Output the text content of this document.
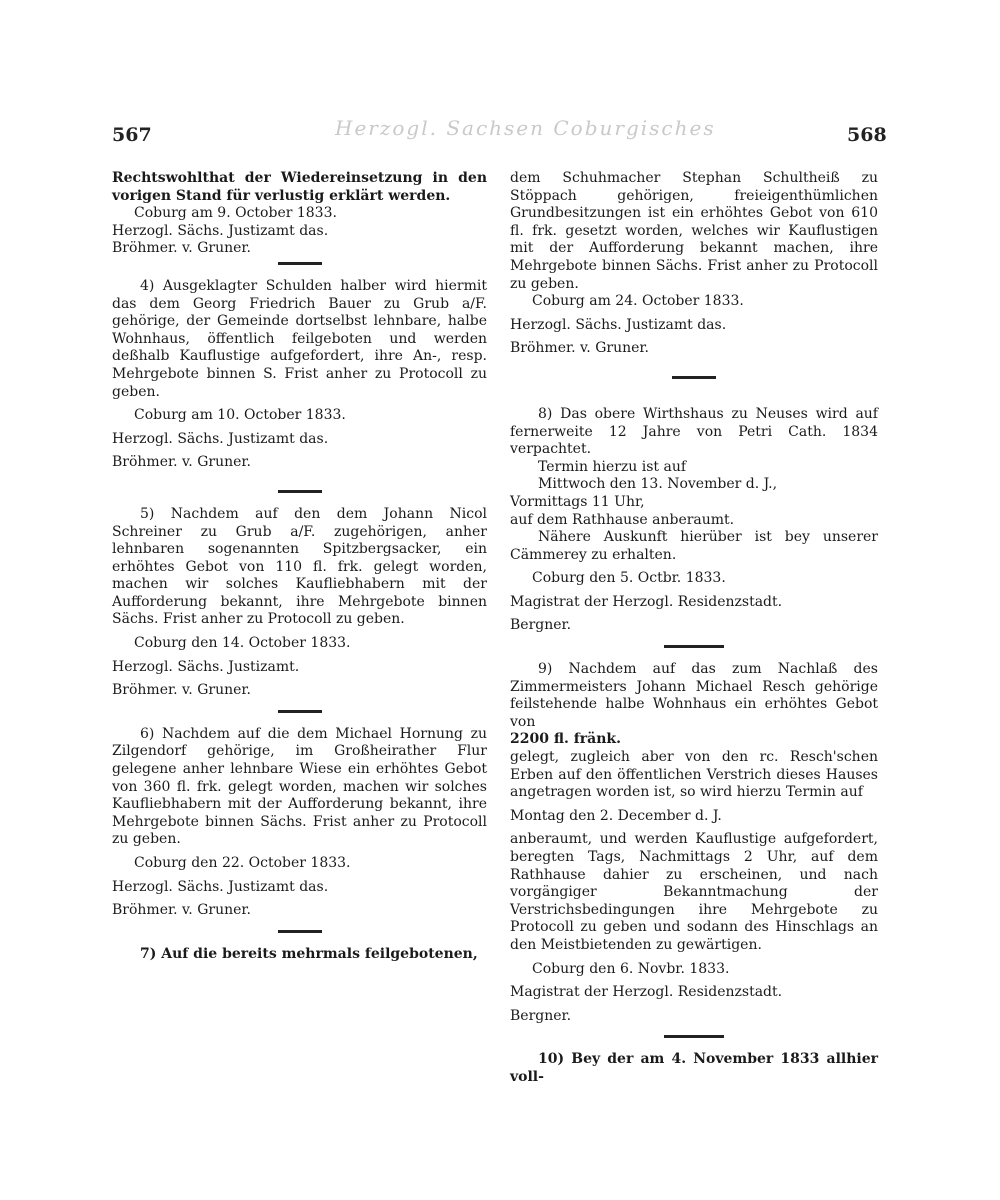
567	Herzogl. Sachsen Coburgisches	568

Rechtswohlthat der Wiedereinsetzung in den vorigen Stand für verlustig erklärt werden.

Coburg am 9. October 1833.

Herzogl. Sächs. Justizamt das.

Bröhmer. v. Gruner.

4) Ausgeklagter Schulden halber wird hiermit das dem Georg Friedrich Bauer zu Grub a/F. gehörige, der Gemeinde dortselbst lehnbare, halbe Wohnhaus, öffentlich feilgeboten und werden deßhalb Kauflustige aufgefordert, ihre An-, resp. Mehrgebote binnen S. Frist anher zu Protocoll zu geben.

Coburg am 10. October 1833.

Herzogl. Sächs. Justizamt das.

Bröhmer. v. Gruner.

5) Nachdem auf den dem Johann Nicol Schreiner zu Grub a/F. zugehörigen, anher lehnbaren sogenannten Spitzbergsacker, ein erhöhtes Gebot von 110 fl. frk. gelegt worden, machen wir solches Kaufliebhabern mit der Aufforderung bekannt, ihre Mehrgebote binnen Sächs. Frist anher zu Protocoll zu geben.

Coburg den 14. October 1833.

Herzogl. Sächs. Justizamt.

Bröhmer. v. Gruner.

6) Nachdem auf die dem Michael Hornung zu Zilgendorf gehörige, im Großheirather Flur gelegene anher lehnbare Wiese ein erhöhtes Gebot von 360 fl. frk. gelegt worden, machen wir solches Kaufliebhabern mit der Aufforderung bekannt, ihre Mehrgebote binnen Sächs. Frist anher zu Protocoll zu geben.

Coburg den 22. October 1833.

Herzogl. Sächs. Justizamt das.

Bröhmer. v. Gruner.

7) Auf die bereits mehrmals feilgebotenen,

dem Schuhmacher Stephan Schultheiß zu Stöppach gehörigen, freieigenthümlichen Grundbesitzungen ist ein erhöhtes Gebot von 610 fl. frk. gesetzt worden, welches wir Kauflustigen mit der Aufforderung bekannt machen, ihre Mehrgebote binnen Sächs. Frist anher zu Protocoll zu geben.

Coburg am 24. October 1833.

Herzogl. Sächs. Justizamt das.

Bröhmer. v. Gruner.

8) Das obere Wirthshaus zu Neuses wird auf fernerweite 12 Jahre von Petri Cath. 1834 verpachtet.

Termin hierzu ist auf

Mittwoch den 13. November d. J.,

Vormittags 11 Uhr,

auf dem Rathhause anberaumt.

Nähere Auskunft hierüber ist bey unserer Cämmerey zu erhalten.

Coburg den 5. Octbr. 1833.

Magistrat der Herzogl. Residenzstadt.

Bergner.

9) Nachdem auf das zum Nachlaß des Zimmermeisters Johann Michael Resch gehörige feilstehende halbe Wohnhaus ein erhöhtes Gebot von

2200 fl. fränk.

gelegt, zugleich aber von den rc. Resch'schen Erben auf den öffentlichen Verstrich dieses Hauses angetragen worden ist, so wird hierzu Termin auf

Montag den 2. December d. J.

anberaumt, und werden Kauflustige aufgefordert, beregten Tags, Nachmittags 2 Uhr, auf dem Rathhause dahier zu erscheinen, und nach vorgängiger Bekanntmachung der Verstrichsbedingungen ihre Mehrgebote zu Protocoll zu geben und sodann des Hinschlags an den Meistbietenden zu gewärtigen.

Coburg den 6. Novbr. 1833.

Magistrat der Herzogl. Residenzstadt.

Bergner.

10) Bey der am 4. November 1833 allhier voll-
